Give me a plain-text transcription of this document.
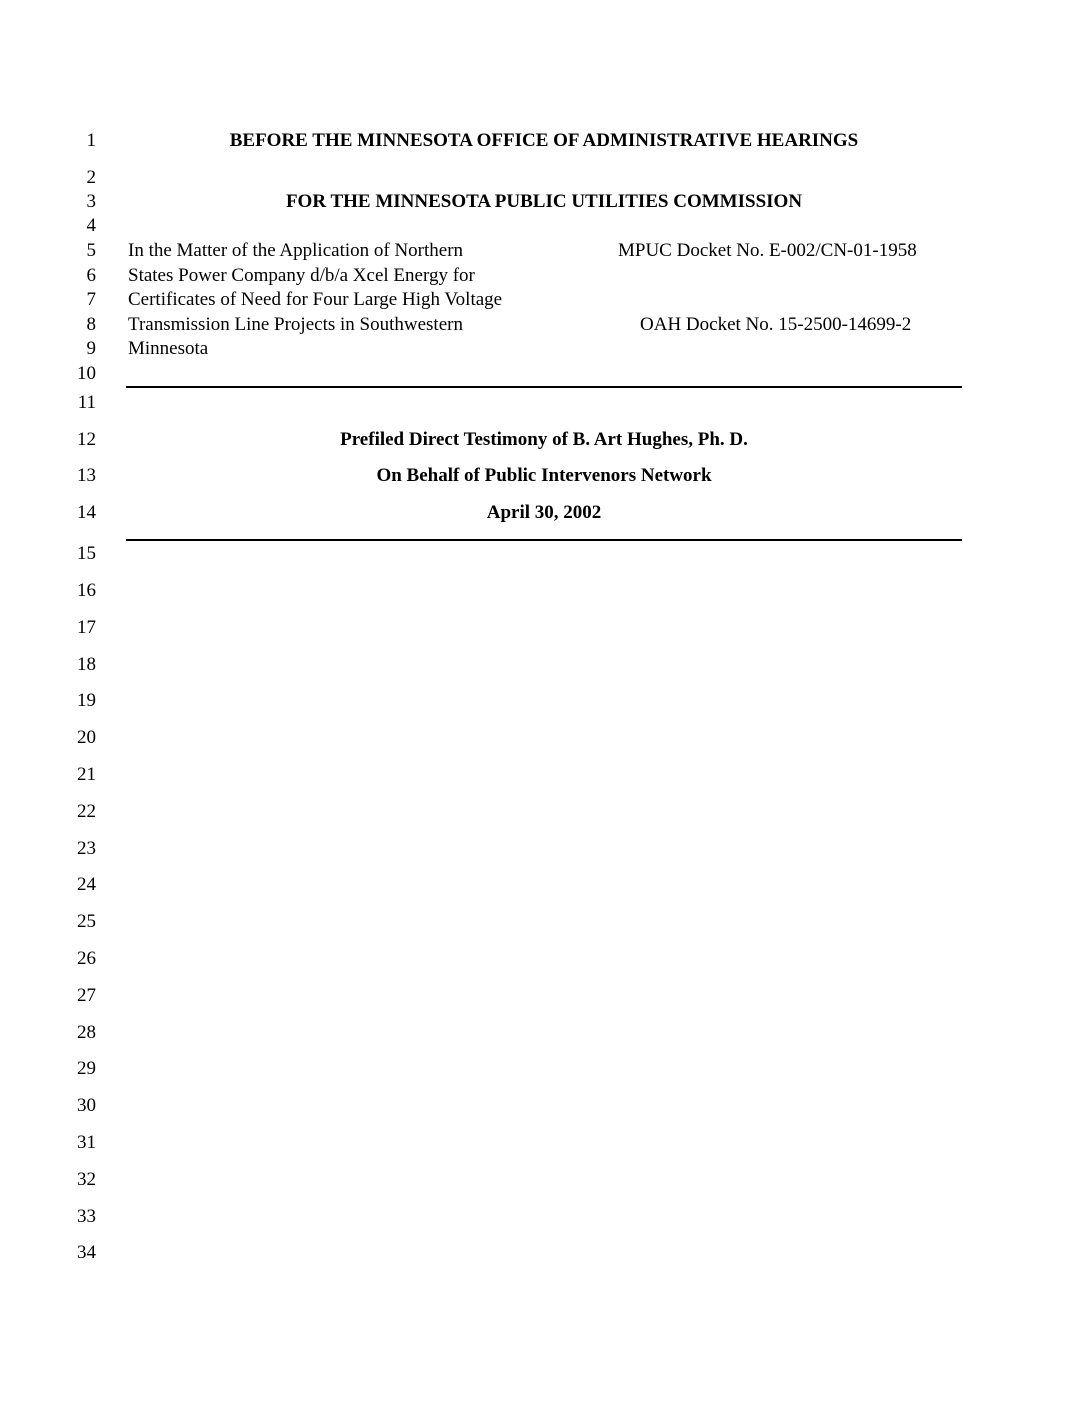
1
2
3
4
5
6
7
8
9
10
11
12
13
14
15
16
17
18
19
20
21
22
23
24
25
26
27
28
29
30
31
32
33
34
BEFORE THE MINNESOTA OFFICE OF ADMINISTRATIVE HEARINGS
FOR THE MINNESOTA PUBLIC UTILITIES COMMISSION
In the Matter of the Application of Northern
States Power Company d/b/a Xcel Energy for
Certificates of Need for Four Large High Voltage
Transmission Line Projects in Southwestern
Minnesota
MPUC Docket No. E-002/CN-01-1958
OAH Docket No. 15-2500-14699-2
Prefiled Direct Testimony of B. Art Hughes, Ph. D.
On Behalf of Public Intervenors Network
April 30, 2002
